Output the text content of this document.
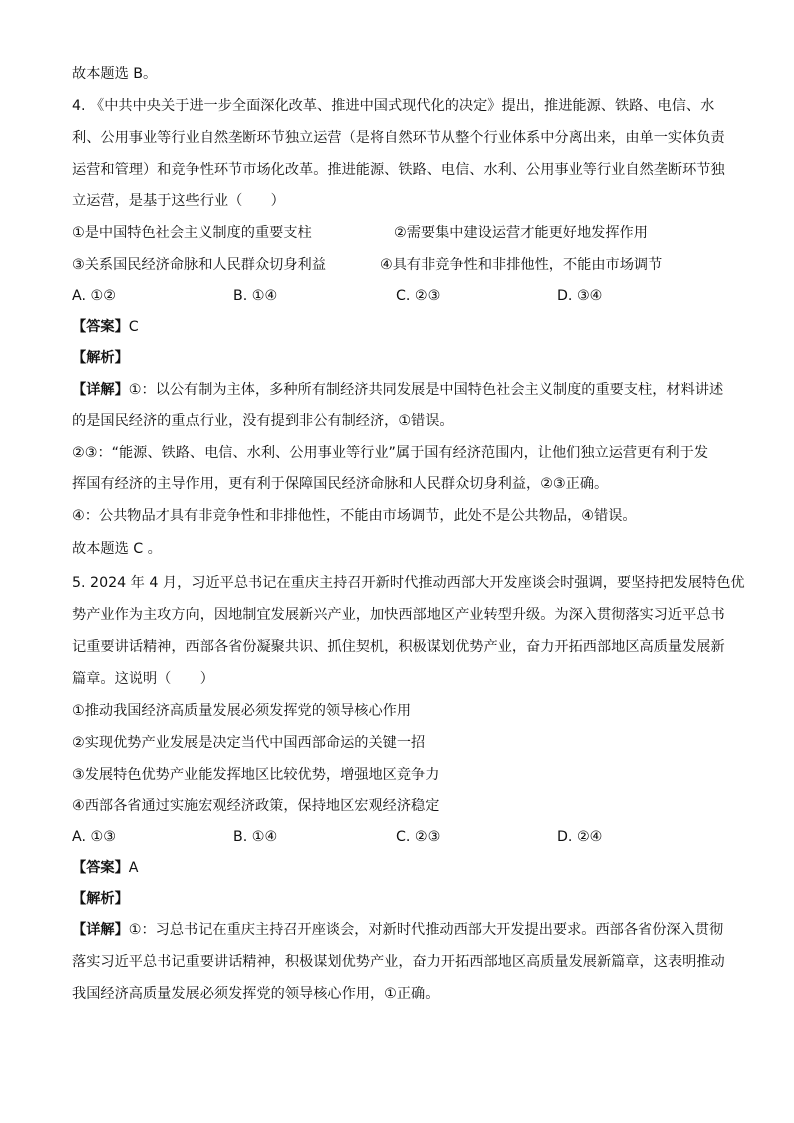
故本题选 B。
4. 《中共中央关于进一步全面深化改革、推进中国式现代化的决定》提出，推进能源、铁路、电信、水
利、公用事业等行业自然垄断环节独立运营（是将自然环节从整个行业体系中分离出来，由单一实体负责
运营和管理）和竞争性环节市场化改革。推进能源、铁路、电信、水利、公用事业等行业自然垄断环节独
立运营，是基于这些行业（　　）
①是中国特色社会主义制度的重要支柱	②需要集中建设运营才能更好地发挥作用
③关系国民经济命脉和人民群众切身利益	④具有非竞争性和非排他性，不能由市场调节
A. ①②	B. ①④	C. ②③	D. ③④
【答案】C
【解析】
【详解】①：以公有制为主体，多种所有制经济共同发展是中国特色社会主义制度的重要支柱，材料讲述
的是国民经济的重点行业，没有提到非公有制经济，①错误。
②③：“能源、铁路、电信、水利、公用事业等行业”属于国有经济范围内，让他们独立运营更有利于发
挥国有经济的主导作用，更有利于保障国民经济命脉和人民群众切身利益，②③正确。
④：公共物品才具有非竞争性和非排他性，不能由市场调节，此处不是公共物品，④错误。
故本题选 C 。
5. 2024 年 4 月，习近平总书记在重庆主持召开新时代推动西部大开发座谈会时强调，要坚持把发展特色优
势产业作为主攻方向，因地制宜发展新兴产业，加快西部地区产业转型升级。为深入贯彻落实习近平总书
记重要讲话精神，西部各省份凝聚共识、抓住契机，积极谋划优势产业，奋力开拓西部地区高质量发展新
篇章。这说明（　　）
①推动我国经济高质量发展必须发挥党的领导核心作用
②实现优势产业发展是决定当代中国西部命运的关键一招
③发展特色优势产业能发挥地区比较优势，增强地区竞争力
④西部各省通过实施宏观经济政策，保持地区宏观经济稳定
A. ①③	B. ①④	C. ②③	D. ②④
【答案】A
【解析】
【详解】①：习总书记在重庆主持召开座谈会，对新时代推动西部大开发提出要求。西部各省份深入贯彻
落实习近平总书记重要讲话精神，积极谋划优势产业，奋力开拓西部地区高质量发展新篇章，这表明推动
我国经济高质量发展必须发挥党的领导核心作用，①正确。
